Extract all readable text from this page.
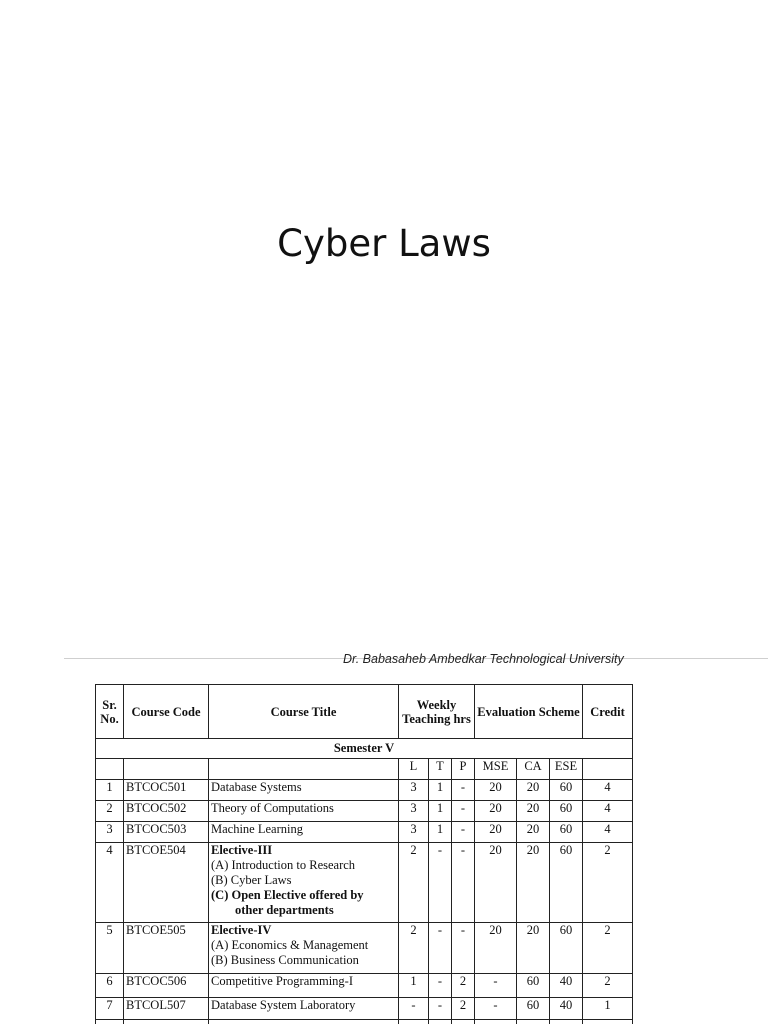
Cyber Laws
Dr. Babasaheb Ambedkar Technological University
Sr. No.	Course Code	Course Title	Weekly Teaching hrs			Evaluation Scheme			Credit
Semester V									
			L	T	P	MSE	CA	ESE	
1	BTCOC501	Database Systems	3	1	-	20	20	60	4
2	BTCOC502	Theory of Computations	3	1	-	20	20	60	4
3	BTCOC503	Machine Learning	3	1	-	20	20	60	4
4	BTCOE504	Elective-III
(A) Introduction to Research
(B) Cyber Laws
(C) Open Elective offered by
other departments	2	-	-	20	20	60	2
5	BTCOE505	Elective-IV
(A) Economics & Management
(B) Business Communication	2	-	-	20	20	60	2
6	BTCOC506	Competitive Programming-I	1	-	2	-	60	40	2
7	BTCOL507	Database System Laboratory	-	-	2	-	60	40	1
